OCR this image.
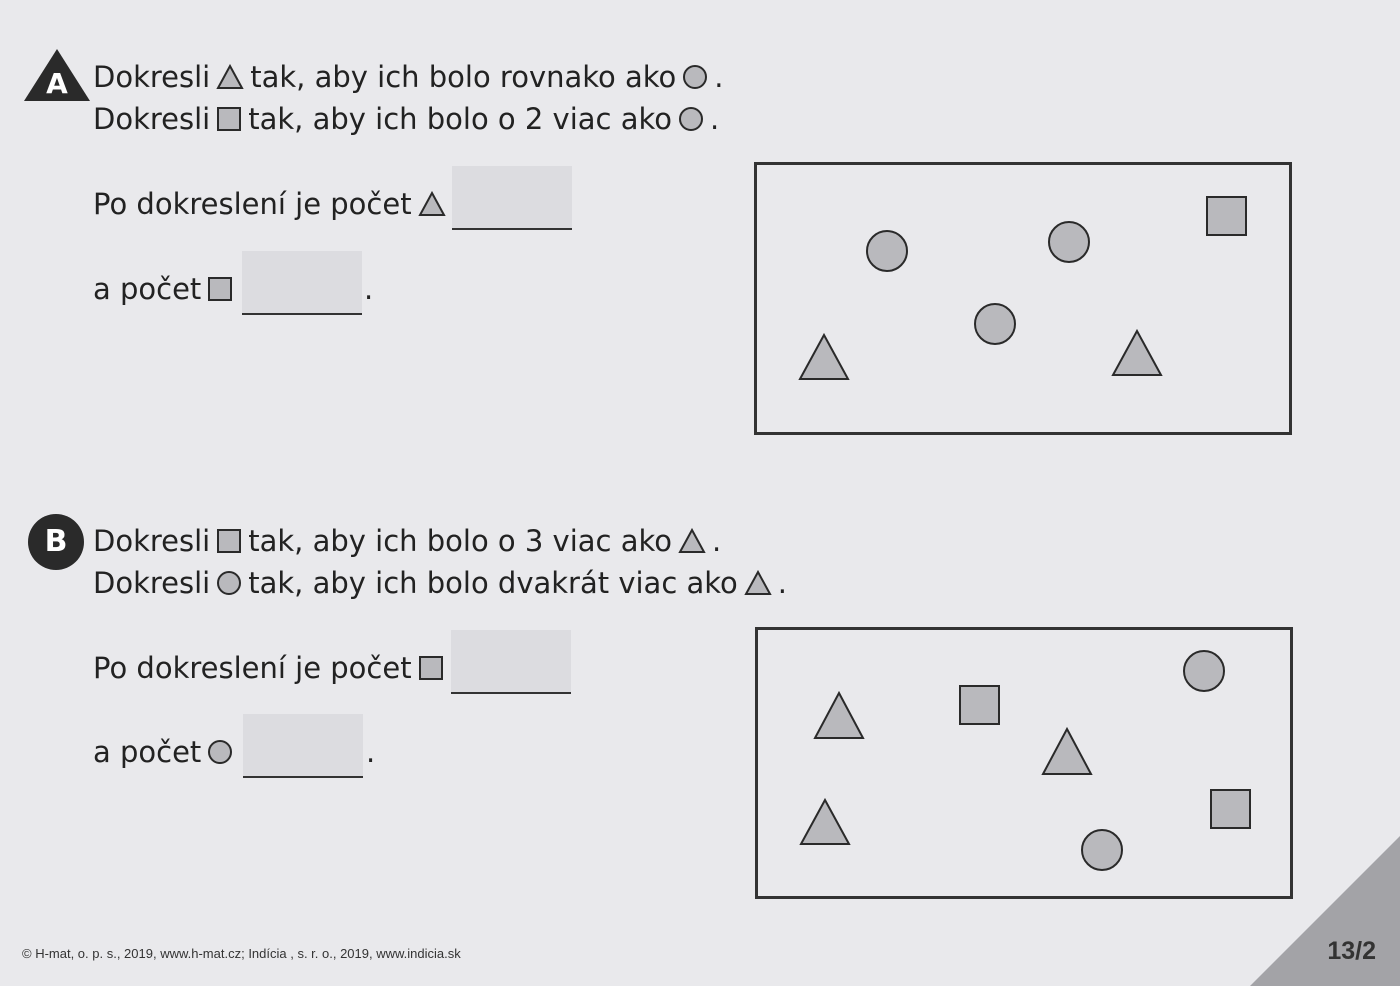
A Dokresli tak, aby ich bolo rovnako ako .
Dokresli tak, aby ich bolo o 2 viac ako .
Po dokreslení je počet
a počet	.
B Dokresli tak, aby ich bolo o 3 viac ako .
Dokresli tak, aby ich bolo dvakrát viac ako .
Po dokreslení je počet
a počet	.
© H-mat, o. p. s., 2019, www.h-mat.cz; Indícia , s. r. o., 2019, www.indicia.sk	13/2
